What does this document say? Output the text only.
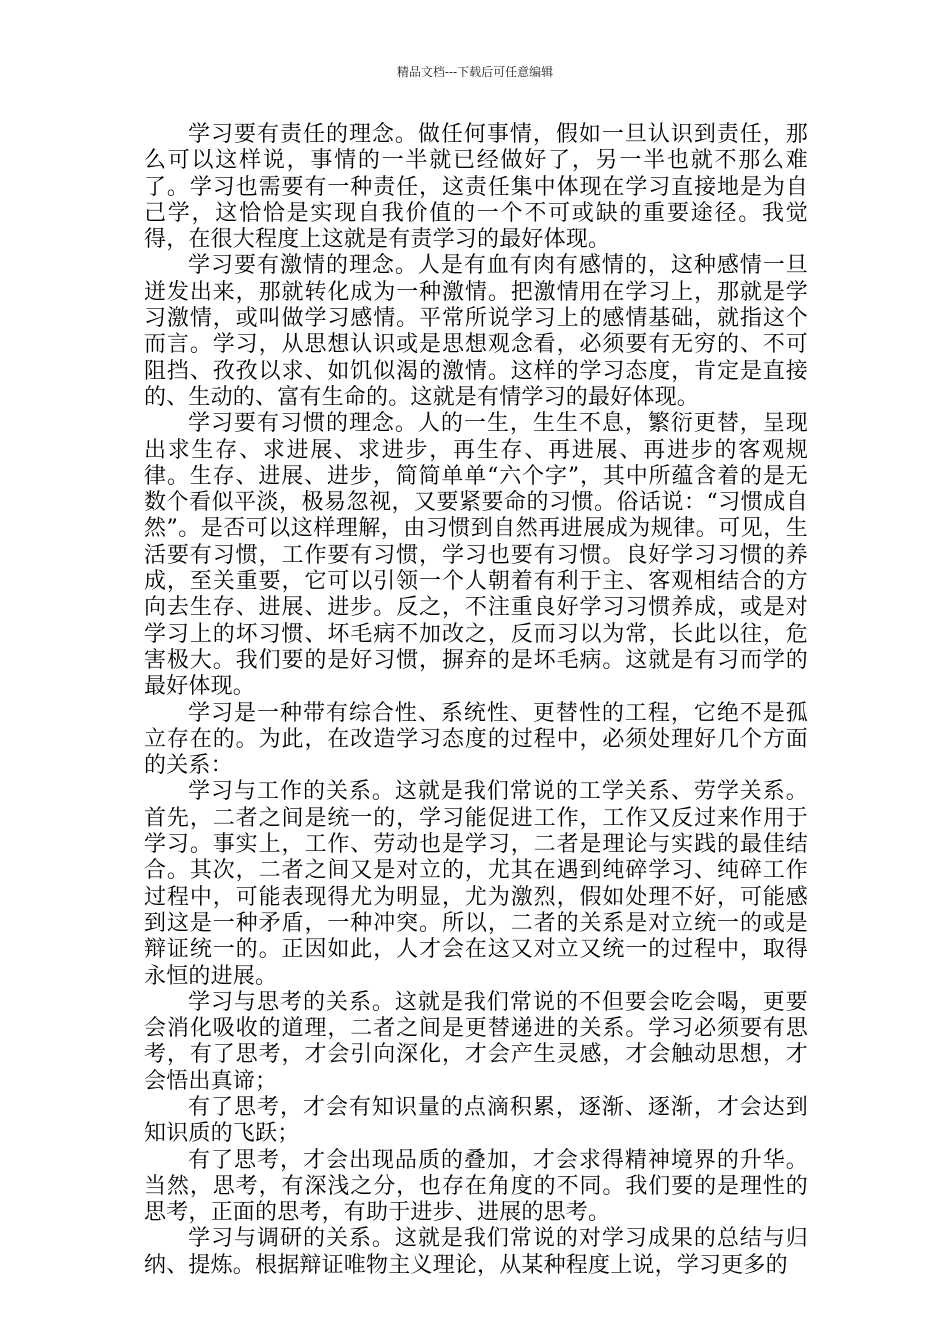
精品文档---下载后可任意编辑

学习要有责任的理念。做任何事情，假如一旦认识到责任，那么可以这样说，事情的一半就已经做好了，另一半也就不那么难了。学习也需要有一种责任，这责任集中体现在学习直接地是为自己学，这恰恰是实现自我价值的一个不可或缺的重要途径。我觉得，在很大程度上这就是有责学习的最好体现。

学习要有激情的理念。人是有血有肉有感情的，这种感情一旦迸发出来，那就转化成为一种激情。把激情用在学习上，那就是学习激情，或叫做学习感情。平常所说学习上的感情基础，就指这个而言。学习，从思想认识或是思想观念看，必须要有无穷的、不可阻挡、孜孜以求、如饥似渴的激情。这样的学习态度，肯定是直接的、生动的、富有生命的。这就是有情学习的最好体现。

学习要有习惯的理念。人的一生，生生不息，繁衍更替，呈现出求生存、求进展、求进步，再生存、再进展、再进步的客观规律。生存、进展、进步，简简单单“六个字”，其中所蕴含着的是无数个看似平淡，极易忽视，又要紧要命的习惯。俗话说：“习惯成自然”。是否可以这样理解，由习惯到自然再进展成为规律。可见，生活要有习惯，工作要有习惯，学习也要有习惯。良好学习习惯的养成，至关重要，它可以引领一个人朝着有利于主、客观相结合的方向去生存、进展、进步。反之，不注重良好学习习惯养成，或是对学习上的坏习惯、坏毛病不加改之，反而习以为常，长此以往，危害极大。我们要的是好习惯，摒弃的是坏毛病。这就是有习而学的最好体现。

学习是一种带有综合性、系统性、更替性的工程，它绝不是孤立存在的。为此，在改造学习态度的过程中，必须处理好几个方面的关系：

学习与工作的关系。这就是我们常说的工学关系、劳学关系。首先，二者之间是统一的，学习能促进工作，工作又反过来作用于学习。事实上，工作、劳动也是学习，二者是理论与实践的最佳结合。其次，二者之间又是对立的，尤其在遇到纯碎学习、纯碎工作过程中，可能表现得尤为明显，尤为激烈，假如处理不好，可能感到这是一种矛盾，一种冲突。所以，二者的关系是对立统一的或是辩证统一的。正因如此，人才会在这又对立又统一的过程中，取得永恒的进展。

学习与思考的关系。这就是我们常说的不但要会吃会喝，更要会消化吸收的道理，二者之间是更替递进的关系。学习必须要有思考，有了思考，才会引向深化，才会产生灵感，才会触动思想，才会悟出真谛；

有了思考，才会有知识量的点滴积累，逐渐、逐渐，才会达到知识质的飞跃；

有了思考，才会出现品质的叠加，才会求得精神境界的升华。当然，思考，有深浅之分，也存在角度的不同。我们要的是理性的思考，正面的思考，有助于进步、进展的思考。

学习与调研的关系。这就是我们常说的对学习成果的总结与归纳、提炼。根据辩证唯物主义理论，从某种程度上说，学习更多的
